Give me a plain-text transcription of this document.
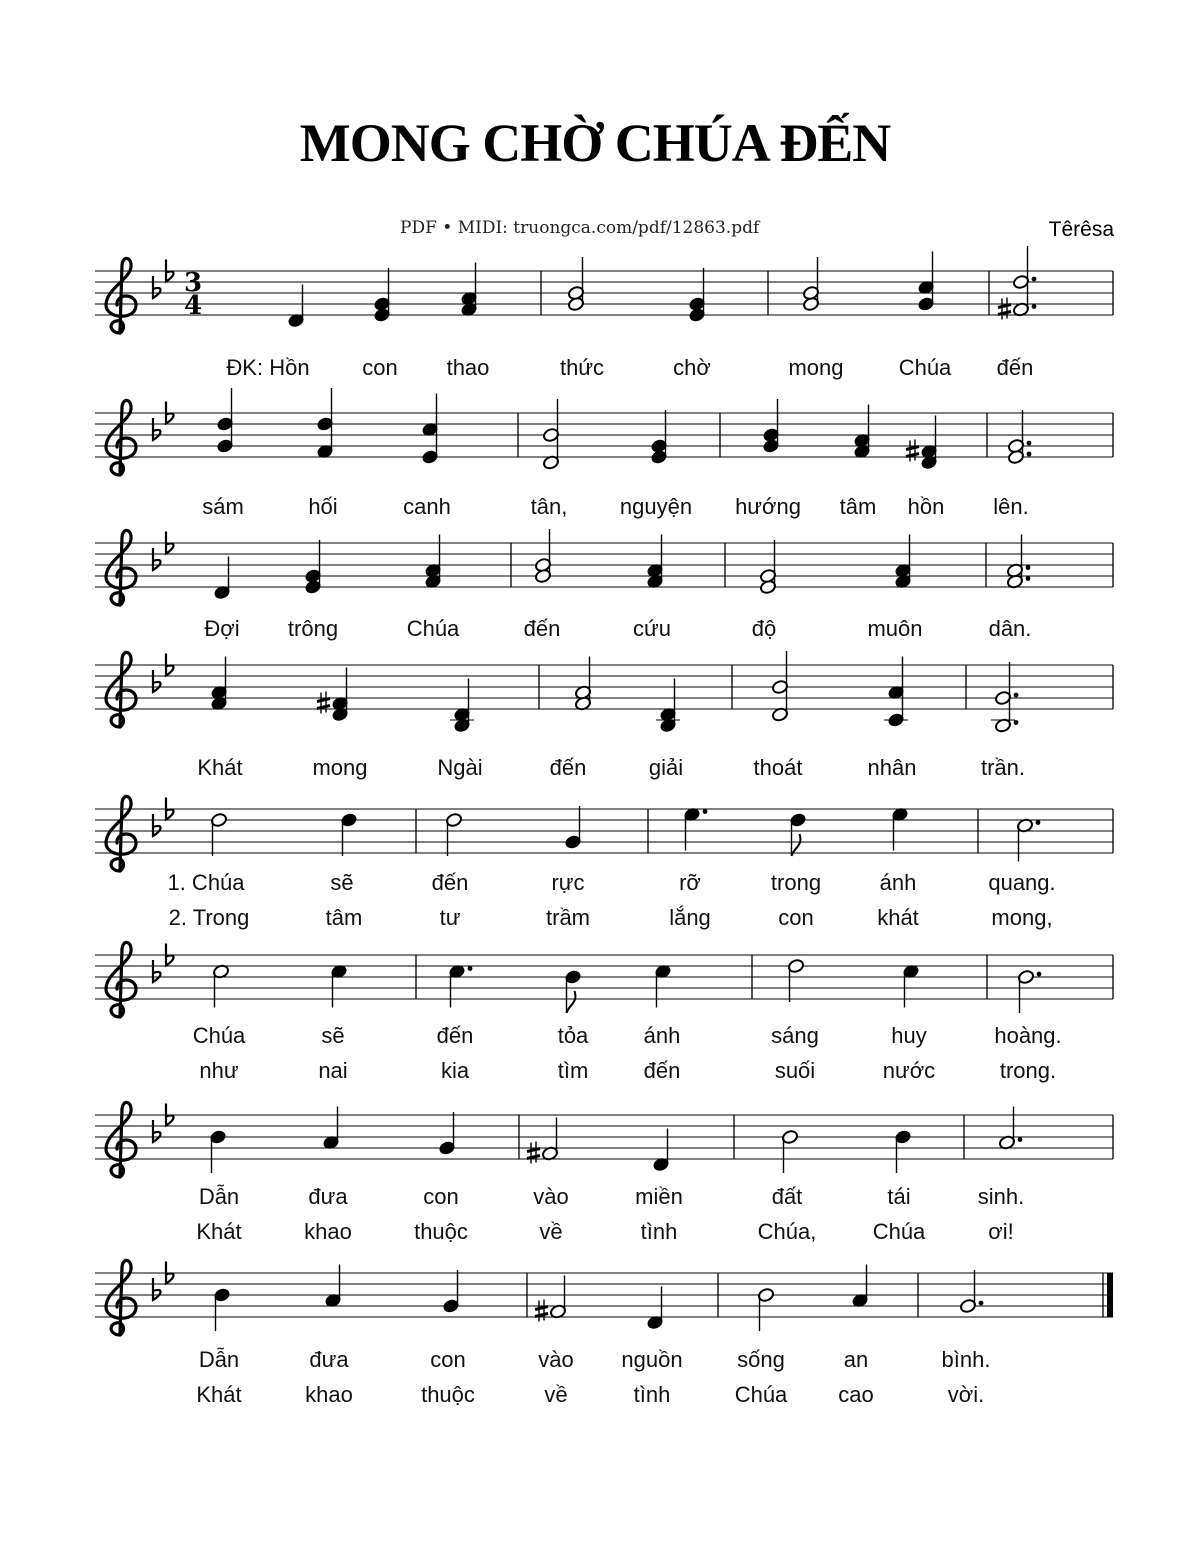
MONG CHỜ CHÚA ĐẾN
PDF • MIDI: truongca.com/pdf/12863.pdf	Têrêsa
3
4
ĐK: Hồn con thao	thức	chờ	mong	Chúa đến
sám	hối	canh	tân, nguyện hướng tâm hồn lên.
Đợi trông	Chúa	đến	cứu	độ	muôn	dân.
Khát	mong	Ngài	đến	giải	thoát	nhân	trần.
1. Chúa	sẽ	đến	rực	rỡ	trong	ánh	quang.
2. Trong	tâm	tư	trầm	lắng	con	khát	mong,
Chúa	sẽ	đến	tỏa	ánh	sáng	huy	hoàng.
như	nai	kia	tìm	đến	suối	nước	trong.
Dẫn	đưa	con	vào	miền	đất	tái	sinh.
Khát	khao	thuộc	về	tình	Chúa,	Chúa	ơi!
Dẫn	đưa	con	vào nguồn sống	an	bình.
Khát	khao	thuộc	về	tình	Chúa cao	vời.
